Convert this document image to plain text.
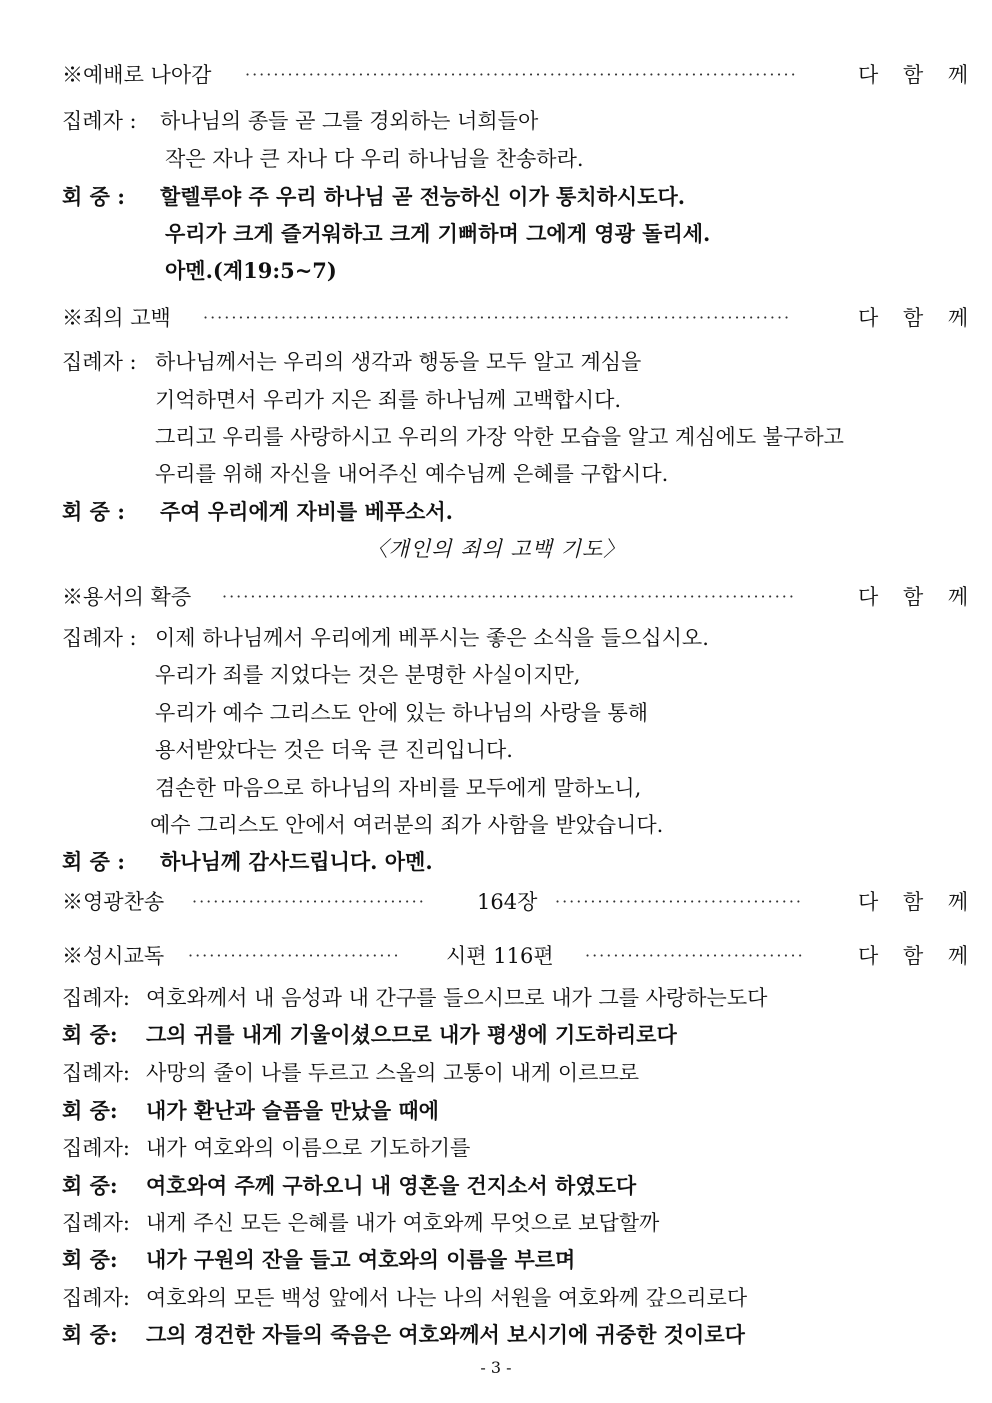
※예배로 나아감 ··············································································	다 함 께
집례자 : 하나님의 종들 곧 그를 경외하는 너희들아
작은 자나 큰 자나 다 우리 하나님을 찬송하라.
회 중 : 할렐루야 주 우리 하나님 곧 전능하신 이가 통치하시도다.
우리가 크게 즐거워하고 크게 기뻐하며 그에게 영광 돌리세.
아멘.(계19:5~7)
※죄의 고백 ···················································································	다 함 께
집례자 : 하나님께서는 우리의 생각과 행동을 모두 알고 계심을
기억하면서 우리가 지은 죄를 하나님께 고백합시다.
그리고 우리를 사랑하시고 우리의 가장 악한 모습을 알고 계심에도 불구하고
우리를 위해 자신을 내어주신 예수님께 은혜를 구합시다.
회 중 : 주여 우리에게 자비를 베푸소서.
〈개인의 죄의 고백 기도〉
※용서의 확증 ·················································································	다 함 께
집례자 : 이제 하나님께서 우리에게 베푸시는 좋은 소식을 들으십시오.
우리가 죄를 지었다는 것은 분명한 사실이지만,
우리가 예수 그리스도 안에 있는 하나님의 사랑을 통해
용서받았다는 것은 더욱 큰 진리입니다.
겸손한 마음으로 하나님의 자비를 모두에게 말하노니,
예수 그리스도 안에서 여러분의 죄가 사함을 받았습니다.
회 중 : 하나님께 감사드립니다. 아멘.
※영광찬송 ·································	164장 ···································	다 함 께
※성시교독 ······························	시편 116편 ·······························	다 함 께
집례자: 여호와께서 내 음성과 내 간구를 들으시므로 내가 그를 사랑하는도다
회 중: 그의 귀를 내게 기울이셨으므로 내가 평생에 기도하리로다
집례자: 사망의 줄이 나를 두르고 스올의 고통이 내게 이르므로
회 중: 내가 환난과 슬픔을 만났을 때에
집례자: 내가 여호와의 이름으로 기도하기를
회 중: 여호와여 주께 구하오니 내 영혼을 건지소서 하였도다
집례자: 내게 주신 모든 은혜를 내가 여호와께 무엇으로 보답할까
회 중: 내가 구원의 잔을 들고 여호와의 이름을 부르며
집례자: 여호와의 모든 백성 앞에서 나는 나의 서원을 여호와께 갚으리로다
회 중: 그의 경건한 자들의 죽음은 여호와께서 보시기에 귀중한 것이로다
- 3 -
